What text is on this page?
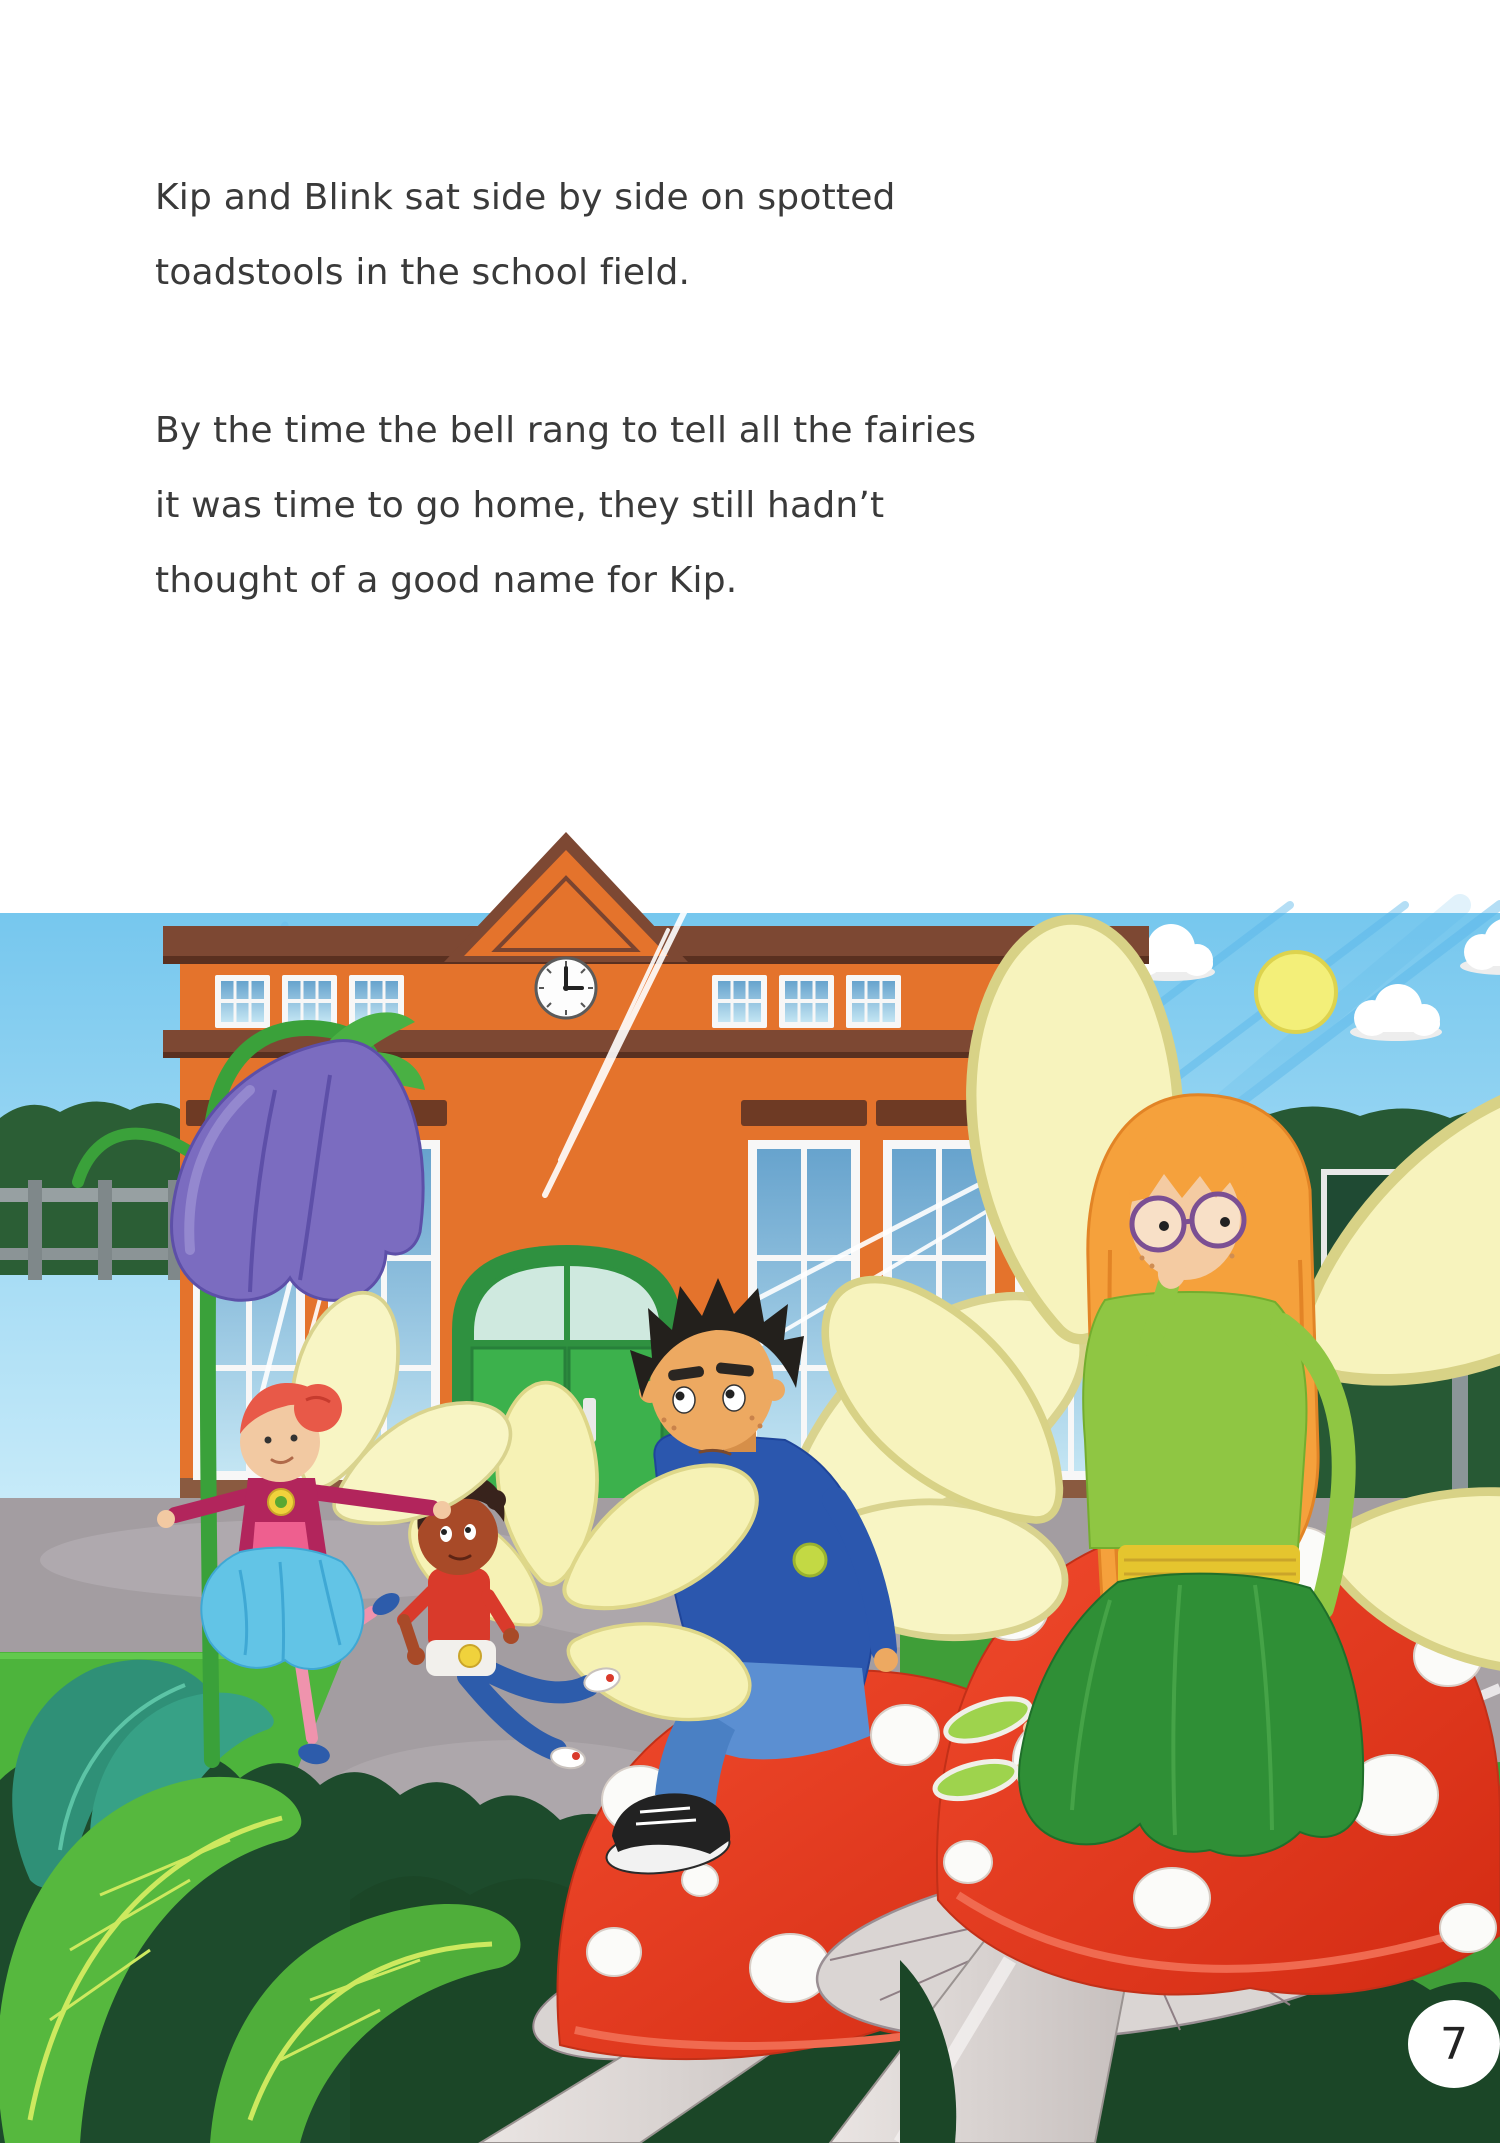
Kip and Blink sat side by side on spotted
toadstools in the school field.
By the time the bell rang to tell all the fairies
it was time to go home, they still hadn’t
thought of a good name for Kip.
7
